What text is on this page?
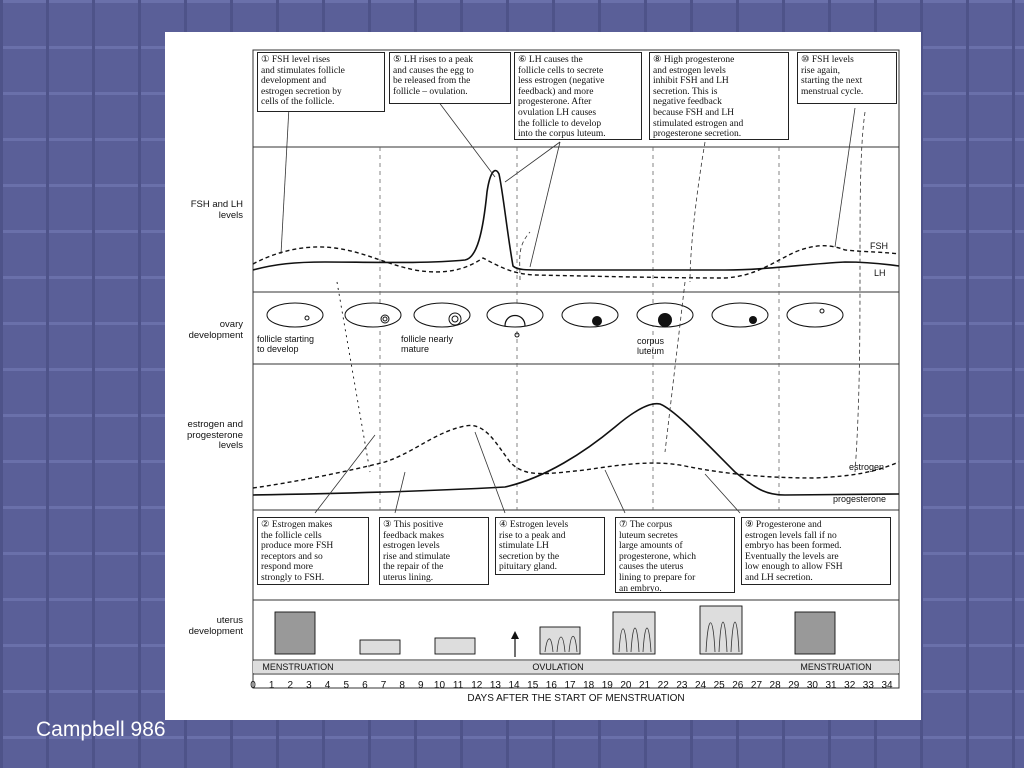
① FSH level rises
and stimulates follicle
development and
estrogen secretion by
cells of the follicle.
⑤ LH rises to a peak
and causes the egg to
be released from the
follicle – ovulation.
⑥ LH causes the
follicle cells to secrete
less estrogen (negative
feedback) and more
progesterone. After
ovulation LH causes
the follicle to develop
into the corpus luteum.
⑧ High progesterone
and estrogen levels
inhibit FSH and LH
secretion. This is
negative feedback
because FSH and LH
stimulated estrogen and
progesterone secretion.
⑩ FSH levels
rise again,
starting the next
menstrual cycle.
FSH and LH levels
ovary development
estrogen and progesterone levels
uterus development
FSH
LH
estrogen
progesterone
follicle starting
to develop
follicle nearly
mature
corpus
luteum
② Estrogen makes
the follicle cells
produce more FSH
receptors and so
respond more
strongly to FSH.
③ This positive
feedback makes
estrogen levels
rise and stimulate
the repair of the
uterus lining.
④ Estrogen levels
rise to a peak and
stimulate LH
secretion by the
pituitary gland.
⑦ The corpus
luteum secretes
large amounts of
progesterone, which
causes the uterus
lining to prepare for
an embryo.
⑨ Progesterone and
estrogen levels fall if no
embryo has been formed.
Eventually the levels are
low enough to allow FSH
and LH secretion.
MENSTRUATION	OVULATION	MENSTRUATION
0	1	2	3	4	5	6	7	8	9	10 11 12 13 14 15 16 17 18 19 20 21 22 23 24 25 26 27 28 29 30 31 32 33 34
DAYS AFTER THE START OF MENSTRUATION
Campbell 986
